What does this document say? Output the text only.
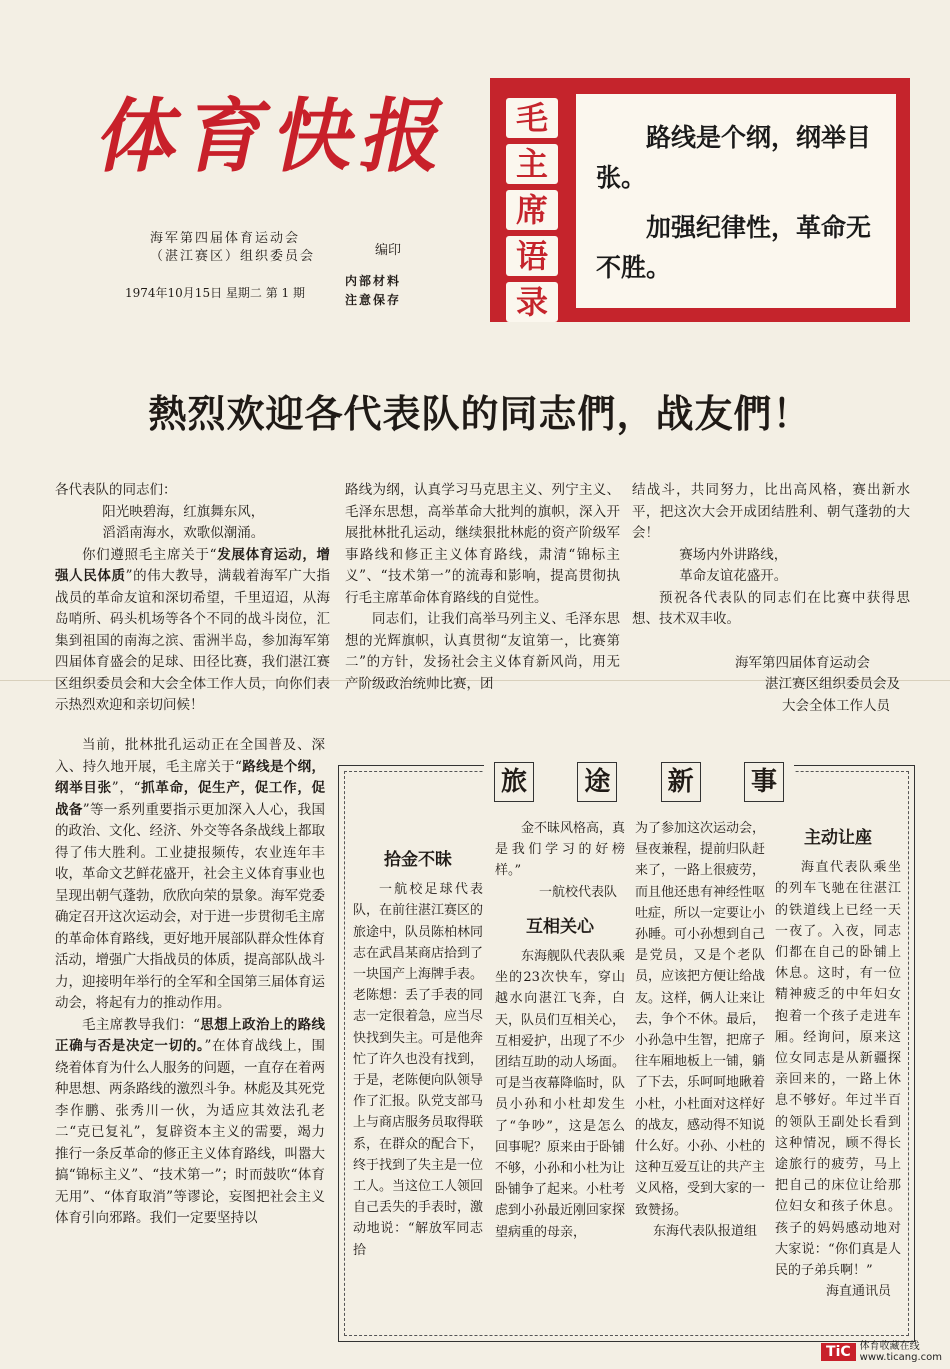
体育快报
海军第四届体育运动会
（湛江赛区）组织委员会	编印
1974年10月15日 星期二 第 1 期
内部材料
注意保存
毛
主
席
语
录
路线是个纲，纲举目张。
加强纪律性，革命无不胜。
熱烈欢迎各代表队的同志們，战友們！

各代表队的同志们：

阳光映碧海，红旗舞东风，

滔滔南海水，欢歌似潮涌。

你们遵照毛主席关于“发展体育运动，增强人民体质”的伟大教导，满载着海军广大指战员的革命友谊和深切希望，千里迢迢，从海岛哨所、码头机场等各个不同的战斗岗位，汇集到祖国的南海之滨、雷洲半岛，参加海军第四届体育盛会的足球、田径比赛，我们湛江赛区组织委员会和大会全体工作人员，向你们表示热烈欢迎和亲切问候！

当前，批林批孔运动正在全国普及、深入、持久地开展，毛主席关于“路线是个纲，纲举目张”，“抓革命，促生产，促工作，促战备”等一系列重要指示更加深入人心，我国的政治、文化、经济、外交等各条战线上都取得了伟大胜利。工业捷报频传，农业连年丰收，革命文艺鲜花盛开，社会主义体育事业也呈现出朝气蓬勃，欣欣向荣的景象。海军党委确定召开这次运动会，对于进一步贯彻毛主席的革命体育路线，更好地开展部队群众性体育活动，增强广大指战员的体质，提高部队战斗力，迎接明年举行的全军和全国第三届体育运动会，将起有力的推动作用。

毛主席教导我们：“思想上政治上的路线正确与否是决定一切的。”在体育战线上，围绕着体育为什么人服务的问题，一直存在着两种思想、两条路线的激烈斗争。林彪及其死党李作鹏、张秀川一伙，为适应其效法孔老二“克已复礼”，复辟资本主义的需要，竭力推行一条反革命的修正主义体育路线，叫嚣大搞“锦标主义”、“技术第一”；时而鼓吹“体育无用”、“体育取消”等谬论，妄图把社会主义体育引向邪路。我们一定要坚持以

路线为纲，认真学习马克思主义、列宁主义、毛泽东思想，高举革命大批判的旗帜，深入开展批林批孔运动，继续狠批林彪的资产阶级军事路线和修正主义体育路线，肃清“锦标主义”、“技术第一”的流毒和影响，提高贯彻执行毛主席革命体育路线的自觉性。

同志们，让我们高举马列主义、毛泽东思想的光辉旗帜，认真贯彻“友谊第一，比赛第二”的方针，发扬社会主义体育新风尚，用无产阶级政治统帅比赛，团

结战斗，共同努力，比出高风格，赛出新水平，把这次大会开成团结胜利、朝气蓬勃的大会！

赛场内外讲路线，

革命友谊花盛开。

预祝各代表队的同志们在比赛中获得思想、技术双丰收。

海军第四届体育运动会

湛江赛区组织委员会及

大会全体工作人员

旅 途 新 事
拾金不昧

一航校足球代表队，在前往湛江赛区的旅途中，队员陈柏林同志在武昌某商店拾到了一块国产上海牌手表。老陈想：丢了手表的同志一定很着急，应当尽快找到失主。可是他奔忙了许久也没有找到，于是，老陈便向队领导作了汇报。队党支部马上与商店服务员取得联系，在群众的配合下，终于找到了失主是一位工人。当这位工人领回自己丢失的手表时，激动地说：“解放军同志拾

金不昧风格高，真是我们学习的好榜样。”

一航校代表队

互相关心

东海舰队代表队乘坐的23次快车，穿山越水向湛江飞奔，白天，队员们互相关心，互相爱护，出现了不少团结互助的动人场面。可是当夜幕降临时，队员小孙和小杜却发生了“争吵”，这是怎么回事呢？原来由于卧铺不够，小孙和小杜为让卧铺争了起来。小杜考虑到小孙最近刚回家探望病重的母亲，

为了参加这次运动会，昼夜兼程，提前归队赶来了，一路上很疲劳，而且他还患有神经性呕吐症，所以一定要让小孙睡。可小孙想到自己是党员，又是个老队员，应该把方便让给战友。这样，俩人让来让去，争个不休。最后，小孙急中生智，把席子往车厢地板上一铺，躺了下去，乐呵呵地瞅着小杜，小杜面对这样好的战友，感动得不知说什么好。小孙、小杜的这种互爱互让的共产主义风格，受到大家的一致赞扬。

东海代表队报道组

主动让座

海直代表队乘坐的列车飞驰在往湛江的铁道线上已经一天一夜了。入夜，同志们都在自己的卧铺上休息。这时，有一位精神疲乏的中年妇女抱着一个孩子走进车厢。经询问，原来这位女同志是从新疆探亲回来的，一路上休息不够好。年过半百的领队王副处长看到这种情况，顾不得长途旅行的疲劳，马上把自己的床位让给那位妇女和孩子休息。孩子的妈妈感动地对大家说：“你们真是人民的子弟兵啊！”

海直通讯员

TiC 体育收藏在线
www.ticang.com
